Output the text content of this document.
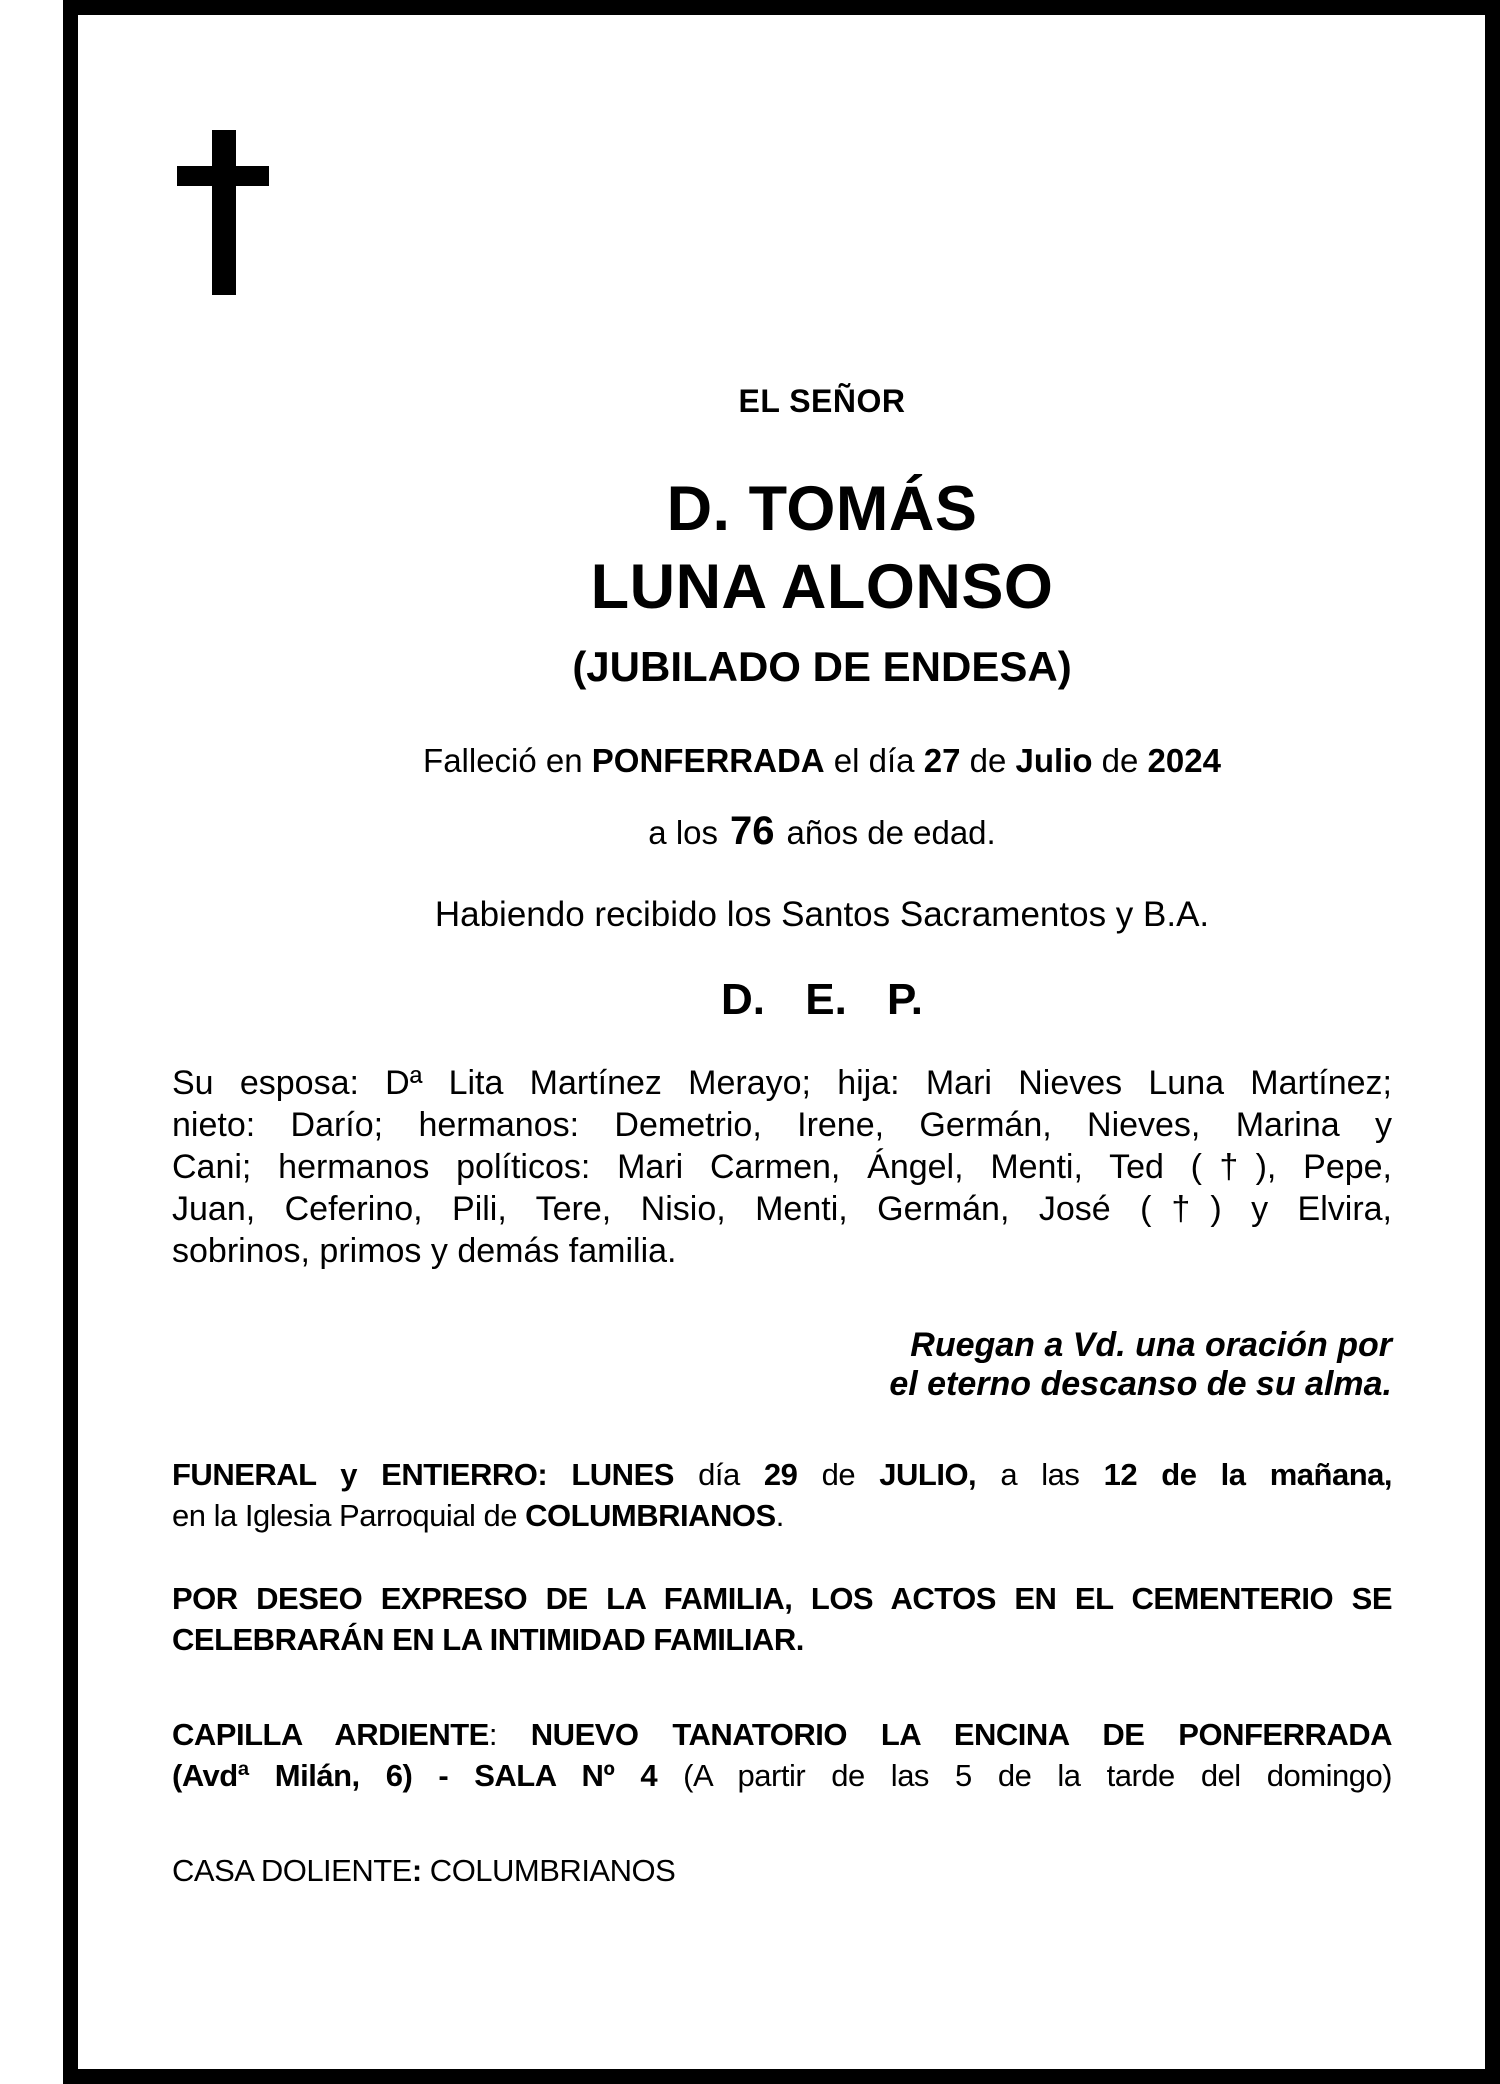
EL SEÑOR
D. TOMÁS
LUNA ALONSO
(JUBILADO DE ENDESA)
Falleció en PONFERRADA el día 27 de Julio de 2024
a los 76 años de edad.
Habiendo recibido los Santos Sacramentos y B.A.
D. E. P.
Su esposa: Dª Lita Martínez Merayo; hija: Mari Nieves Luna Martínez;
nieto: Darío; hermanos: Demetrio, Irene, Germán, Nieves, Marina y
Cani; hermanos políticos: Mari Carmen, Ángel, Menti, Ted (†), Pepe,
Juan, Ceferino, Pili, Tere, Nisio, Menti, Germán, José (†) y Elvira,
sobrinos, primos y demás familia.
Ruegan a Vd. una oración por
el eterno descanso de su alma.
FUNERAL y ENTIERRO: LUNES día 29 de JULIO, a las 12 de la mañana,
en la Iglesia Parroquial de COLUMBRIANOS.
POR DESEO EXPRESO DE LA FAMILIA, LOS ACTOS EN EL CEMENTERIO SE
CELEBRARÁN EN LA INTIMIDAD FAMILIAR.
CAPILLA ARDIENTE: NUEVO TANATORIO LA ENCINA DE PONFERRADA
(Avdª Milán, 6) - SALA Nº 4 (A partir de las 5 de la tarde del domingo)
CASA DOLIENTE: COLUMBRIANOS
